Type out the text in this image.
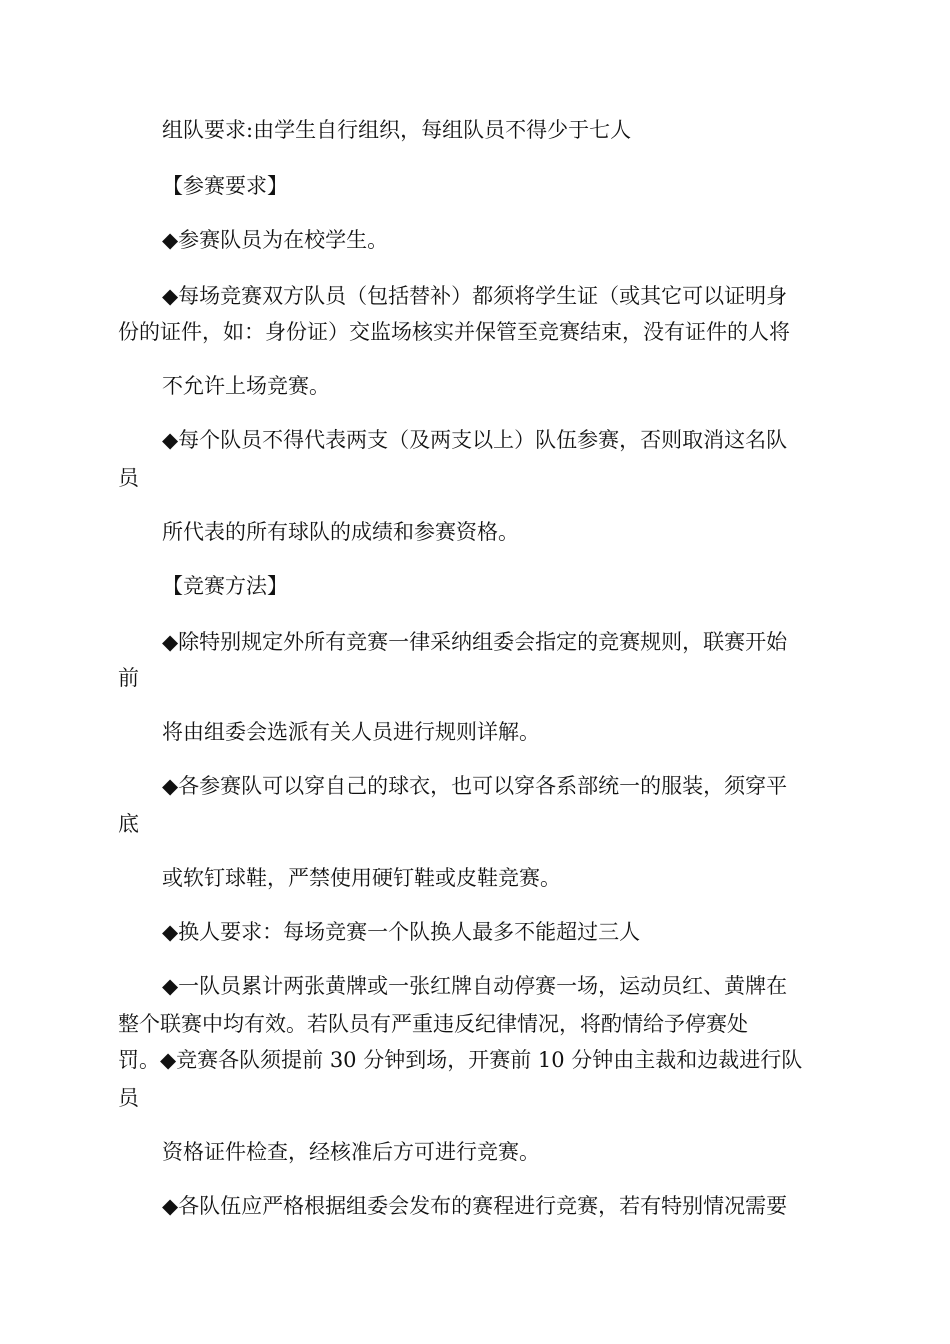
组队要求:由学生自行组织，每组队员不得少于七人

【参赛要求】

◆参赛队员为在校学生。

◆每场竞赛双方队员（包括替补）都须将学生证（或其它可以证明身

份的证件，如：身份证）交监场核实并保管至竞赛结束，没有证件的人将

不允许上场竞赛。

◆每个队员不得代表两支（及两支以上）队伍参赛，否则取消这名队

员

所代表的所有球队的成绩和参赛资格。

【竞赛方法】

◆除特别规定外所有竞赛一律采纳组委会指定的竞赛规则，联赛开始

前

将由组委会选派有关人员进行规则详解。

◆各参赛队可以穿自己的球衣，也可以穿各系部统一的服装，须穿平

底

或软钉球鞋，严禁使用硬钉鞋或皮鞋竞赛。

◆换人要求：每场竞赛一个队换人最多不能超过三人

◆一队员累计两张黄牌或一张红牌自动停赛一场，运动员红、黄牌在

整个联赛中均有效。若队员有严重违反纪律情况，将酌情给予停赛处

罚。◆竞赛各队须提前 30 分钟到场，开赛前 10 分钟由主裁和边裁进行队

员

资格证件检查，经核准后方可进行竞赛。

◆各队伍应严格根据组委会发布的赛程进行竞赛，若有特别情况需要
